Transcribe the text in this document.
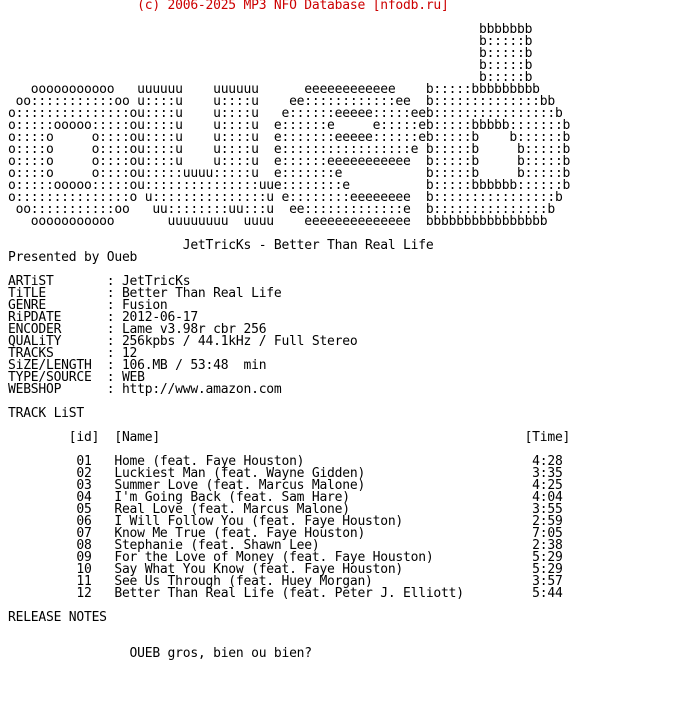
(c) 2006-2025 MP3 NFO Database [nfodb.ru]
bbbbbbb
b:::::b
b:::::b
b:::::b
b:::::b
ooooooooooo   uuuuuu    uuuuuu      eeeeeeeeeeee    b:::::bbbbbbbbb
oo:::::::::::oo u::::u    u::::u    ee::::::::::::ee  b::::::::::::::bb
o:::::::::::::::ou::::u    u::::u   e::::::eeeee:::::eeb::::::::::::::::b
o:::::ooooo:::::ou::::u    u::::u  e::::::e     e:::::eb:::::bbbbb:::::::b
o::::o     o::::ou::::u    u::::u  e:::::::eeeee::::::eb:::::b    b::::::b
o::::o     o::::ou::::u    u::::u  e:::::::::::::::::e b:::::b     b:::::b
o::::o     o::::ou::::u    u::::u  e::::::eeeeeeeeeee  b:::::b     b:::::b
o::::o     o::::ou:::::uuuu:::::u  e:::::::e           b:::::b     b:::::b
o:::::ooooo:::::ou:::::::::::::::uue::::::::e          b:::::bbbbbb::::::b
o:::::::::::::::o u:::::::::::::::u e::::::::eeeeeeee  b::::::::::::::::b
oo:::::::::::oo   uu::::::::uu:::u  ee:::::::::::::e  b:::::::::::::::b
ooooooooooo       uuuuuuuu  uuuu    eeeeeeeeeeeeee  bbbbbbbbbbbbbbbb
JetTricKs - Better Than Real Life
Presented by Oueb
ARTiST       : JetTricKs
TiTLE        : Better Than Real Life
GENRE        : Fusion
RiPDATE      : 2012-06-17
ENCODER      : Lame v3.98r cbr 256
QUALiTY      : 256kpbs / 44.1kHz / Full Stereo
TRACKS       : 12
SiZE/LENGTH  : 106.MB / 53:48  min
TYPE/SOURCE  : WEB
WEBSHOP      : http://www.amazon.com
TRACK LiST
[id]  [Name]                                                [Time]
01   Home (feat. Faye Houston)                              4:28
02   Luckiest Man (feat. Wayne Gidden)                      3:35
03   Summer Love (feat. Marcus Malone)                      4:25
04   I'm Going Back (feat. Sam Hare)                        4:04
05   Real Love (feat. Marcus Malone)                        3:55
06   I Will Follow You (feat. Faye Houston)                 2:59
07   Know Me True (feat. Faye Houston)                      7:05
08   Stephanie (feat. Shawn Lee)                            2:38
09   For the Love of Money (feat. Faye Houston)             5:29
10   Say What You Know (feat. Faye Houston)                 5:29
11   See Us Through (feat. Huey Morgan)                     3:57
12   Better Than Real Life (feat. Peter J. Elliott)         5:44
RELEASE NOTES
OUEB gros, bien ou bien?
